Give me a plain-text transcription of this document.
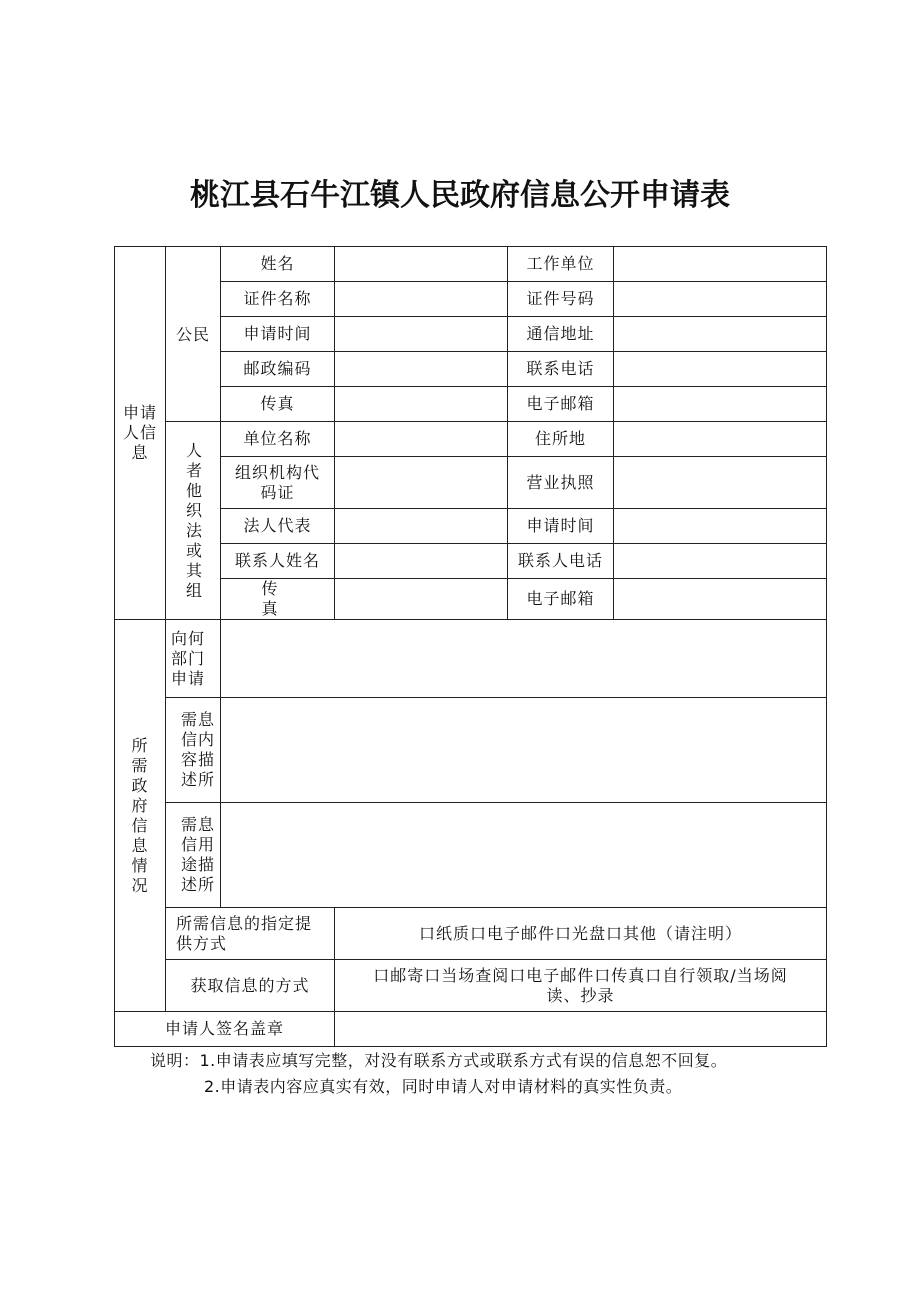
桃江县石牛江镇人民政府信息公开申请表
申请人信息	公民	姓名		工作单位	
		证件名称		证件号码	
		申请时间		通信地址	
		邮政编码		联系电话	
		传真		电子邮箱	
	人者他织法或其组	单位名称		住所地	
		组织机构代码证		营业执照	
		法人代表		申请时间	
		联系人姓名		联系人电话	
		传真		电子邮箱	
所需政府信息情况	向何部门申请				
	需息信内容描述所				
	需息信用途描述所				

	所需信息的指定提供方式		口纸质口电子邮件口光盘口其他（请注明）		
	获取信息的方式		口邮寄口当场查阅口电子邮件口传真口自行领取/当场阅
读、抄录		

申请人签名盖章					
说明：1.申请表应填写完整，对没有联系方式或联系方式有误的信息恕不回复。
2.申请表内容应真实有效，同时申请人对申请材料的真实性负责。
